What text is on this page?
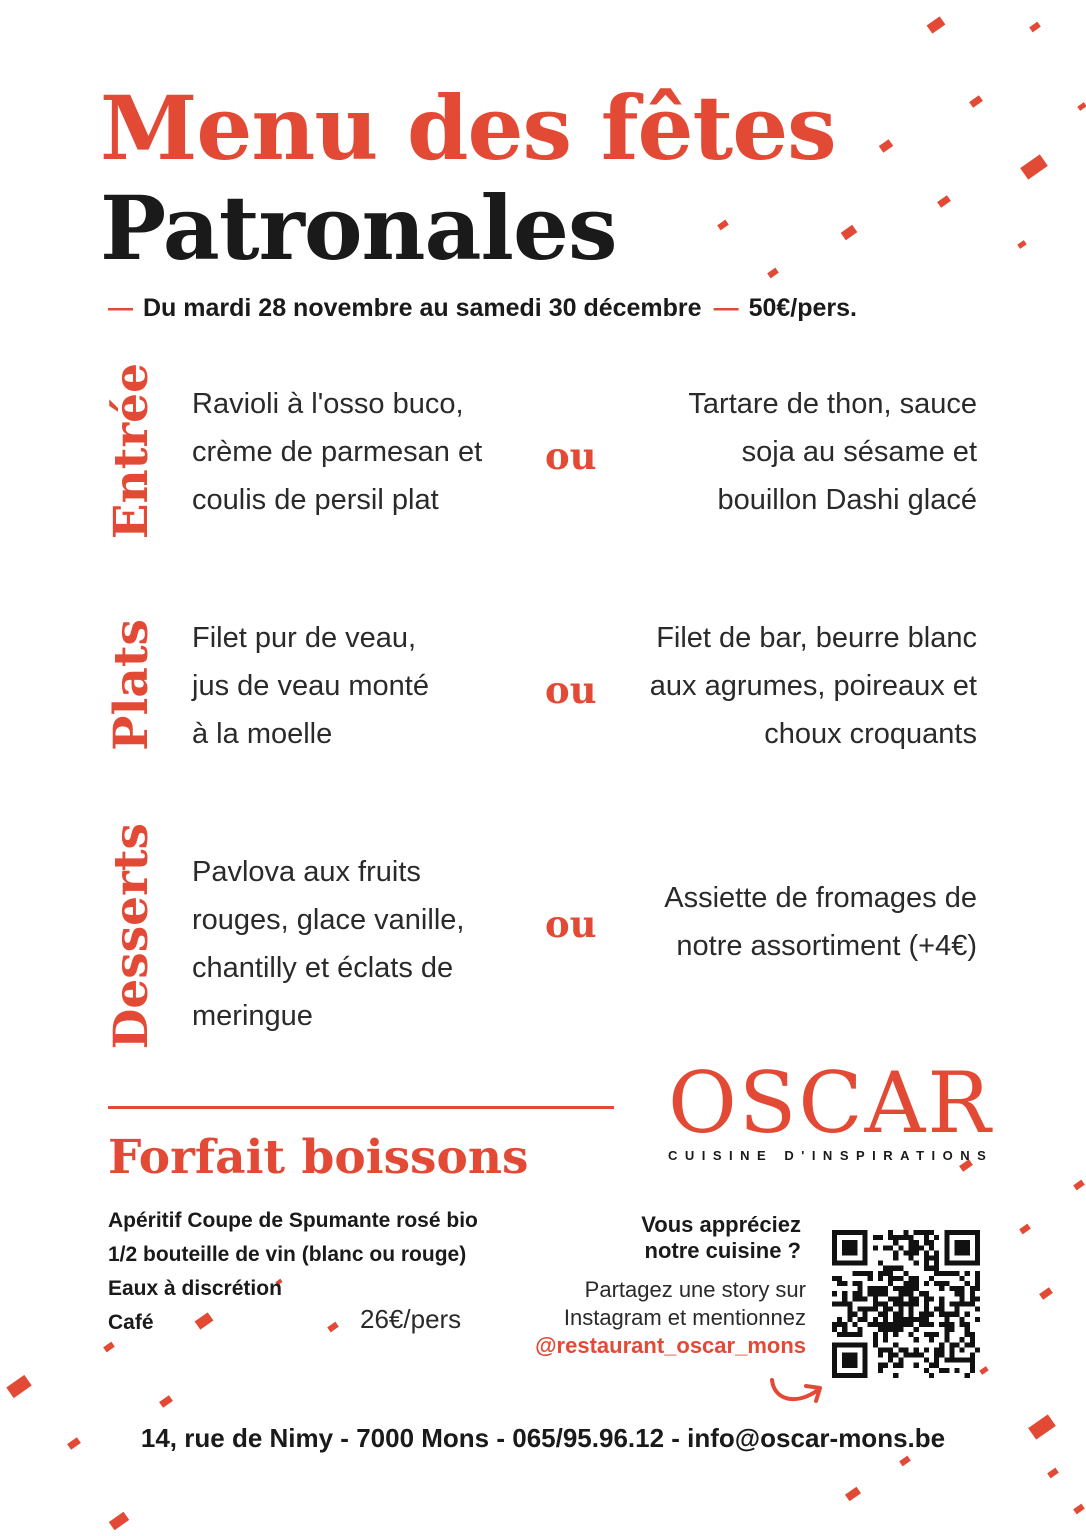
Menu des fêtes
Patronales
— Du mardi 28 novembre au samedi 30 décembre — 50€/pers.
Entrée Ravioli à l'osso buco,
crème de parmesan et
coulis de persil plat
ou
Tartare de thon, sauce
soja au sésame et
bouillon Dashi glacé
Plats Filet pur de veau,
jus de veau monté
à la moelle
ou
Filet de bar, beurre blanc
aux agrumes, poireaux et
choux croquants
Desserts Pavlova aux fruits
rouges, glace vanille,
chantilly et éclats de
meringue
ou
Assiette de fromages de
notre assortiment (+4€)
Forfait boissons
Apéritif Coupe de Spumante rosé bio
1/2 bouteille de vin (blanc ou rouge)
Eaux à discrétion
Café	26€/pers
OSCAR
CUISINE D'INSPIRATIONS
Vous appréciez
notre cuisine ?
Partagez une story sur
Instagram et mentionnez
@restaurant_oscar_mons
14, rue de Nimy - 7000 Mons - 065/95.96.12 - info@oscar-mons.be
